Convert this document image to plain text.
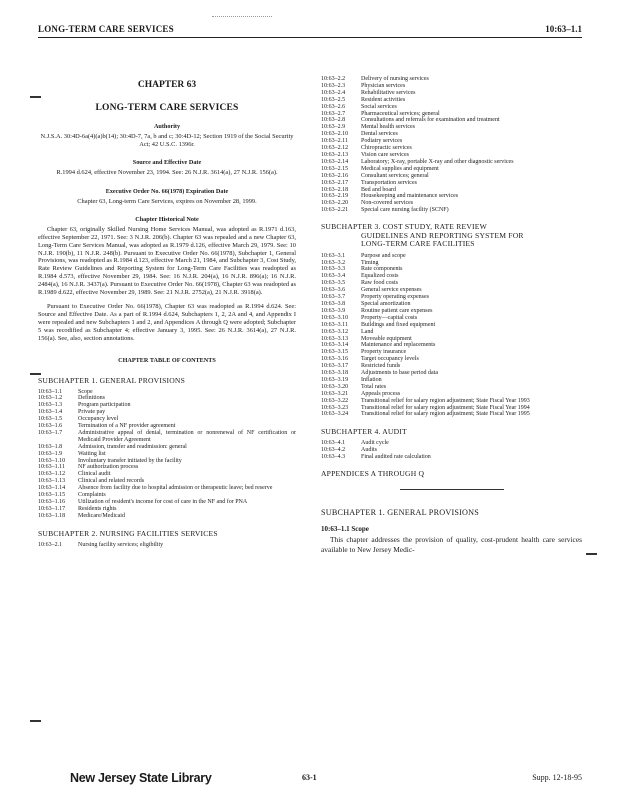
LONG-TERM CARE SERVICES	10:63–1.1
CHAPTER 63
LONG-TERM CARE SERVICES
Authority
N.J.S.A. 30:4D-6a(4)(a)b(14); 30:4D-7, 7a, b and c; 30:4D-12; Section 1919 of the Social Security Act; 42 U.S.C. 1396r.
Source and Effective Date
R.1994 d.624, effective November 23, 1994. See: 26 N.J.R. 3614(a), 27 N.J.R. 156(a).
Executive Order No. 66(1978) Expiration Date
Chapter 63, Long-term Care Services, expires on November 28, 1999.
Chapter Historical Note
Chapter 63, originally Skilled Nursing Home Services Manual, was adopted as R.1971 d.163, effective September 22, 1971. See: 3 N.J.R. 206(b). Chapter 63 was repealed and a new Chapter 63, Long-Term Care Services Manual, was adopted as R.1979 d.126, effective March 29, 1979. See: 10 N.J.R. 190(b), 11 N.J.R. 248(b). Pursuant to Executive Order No. 66(1978), Subchapter 1, General Provisions, was readopted as R.1984 d.123, effective March 21, 1984, and Subchapter 3, Cost Study, Rate Review Guidelines and Reporting System for Long-Term Care Facilities was readopted as R.1984 d.573, effective November 29, 1984. See: 16 N.J.R. 204(a), 16 N.J.R. 896(a); 16 N.J.R. 2484(a), 16 N.J.R. 3437(a). Pursuant to Executive Order No. 66(1978), Chapter 63 was readopted as R.1989 d.622, effective November 29, 1989. See: 21 N.J.R. 2752(a), 21 N.J.R. 3918(a).
Pursuant to Executive Order No. 66(1978), Chapter 63 was readopted as R.1994 d.624. See: Source and Effective Date. As a part of R.1994 d.624, Subchapters 1, 2, 2A and 4, and Appendix I were repealed and new Subchapters 1 and 2, and Appendices A through Q were adopted; Subchapter 5 was recodified as Subchapter 4; effective January 3, 1995. See: 26 N.J.R. 3614(a), 27 N.J.R. 156(a). See, also, section annotations.
CHAPTER TABLE OF CONTENTS
SUBCHAPTER 1. GENERAL PROVISIONS
10:63–1.1	Scope
10:63–1.2	Definitions
10:63–1.3	Program participation
10:63–1.4	Private pay
10:63–1.5	Occupancy level
10:63–1.6	Termination of a NF provider agreement
10:63–1.7	Administrative appeal of denial, termination or nonrenewal of NF certification or Medicaid Provider Agreement
10:63–1.8	Admission, transfer and readmission: general
10:63–1.9	Waiting list
10:63–1.10	Involuntary transfer initiated by the facility
10:63–1.11	NF authorization process
10:63–1.12	Clinical audit
10:63–1.13	Clinical and related records
10:63–1.14	Absence from facility due to hospital admission or therapeutic leave; bed reserve
10:63–1.15	Complaints
10:63–1.16	Utilization of resident's income for cost of care in the NF and for PNA
10:63–1.17	Residents rights
10:63–1.18	Medicare/Medicaid
SUBCHAPTER 2. NURSING FACILITIES SERVICES
10:63–2.1	Nursing facility services; eligibility
10:63–2.2	Delivery of nursing services
10:63–2.3	Physician services
10:63–2.4	Rehabilitative services
10:63–2.5	Resident activities
10:63–2.6	Social services
10:63–2.7	Pharmaceutical services; general
10:63–2.8	Consultations and referrals for examination and treatment
10:63–2.9	Mental health services
10:63–2.10	Dental services
10:63–2.11	Podiatry services
10:63–2.12	Chiropractic services
10:63–2.13	Vision care services
10:63–2.14	Laboratory; X-ray, portable X-ray and other diagnostic services
10:63–2.15	Medical supplies and equipment
10:63–2.16	Consultant services; general
10:63–2.17	Transportation services
10:63–2.18	Bed and board
10:63–2.19	Housekeeping and maintenance services
10:63–2.20	Non-covered services
10:63–2.21	Special care nursing facility (SCNF)
SUBCHAPTER 3. COST STUDY, RATE REVIEW
GUIDELINES AND REPORTING SYSTEM FOR
LONG-TERM CARE FACILITIES
10:63–3.1	Purpose and scope
10:63–3.2	Timing
10:63–3.3	Rate components
10:63–3.4	Equalized costs
10:63–3.5	Raw food costs
10:63–3.6	General service expenses
10:63–3.7	Property operating expenses
10:63–3.8	Special amortization
10:63–3.9	Routine patient care expenses
10:63–3.10	Property—capital costs
10:63–3.11	Buildings and fixed equipment
10:63–3.12	Land
10:63–3.13	Moveable equipment
10:63–3.14	Maintenance and replacements
10:63–3.15	Property insurance
10:63–3.16	Target occupancy levels
10:63–3.17	Restricted funds
10:63–3.18	Adjustments to base period data
10:63–3.19	Inflation
10:63–3.20	Total rates
10:63–3.21	Appeals process
10:63–3.22	Transitional relief for salary region adjustment; State Fiscal Year 1993
10:63–3.23	Transitional relief for salary region adjustment; State Fiscal Year 1994
10:63–3.24	Transitional relief for salary region adjustment; State Fiscal Year 1995
SUBCHAPTER 4. AUDIT
10:63–4.1	Audit cycle
10:63–4.2	Audits
10:63–4.3	Final audited rate calculation
APPENDICES A THROUGH Q
SUBCHAPTER 1. GENERAL PROVISIONS
10:63–1.1 Scope
This chapter addresses the provision of quality, cost-prudent health care services available to New Jersey Medic-
New Jersey State Library	63-1	Supp. 12-18-95
